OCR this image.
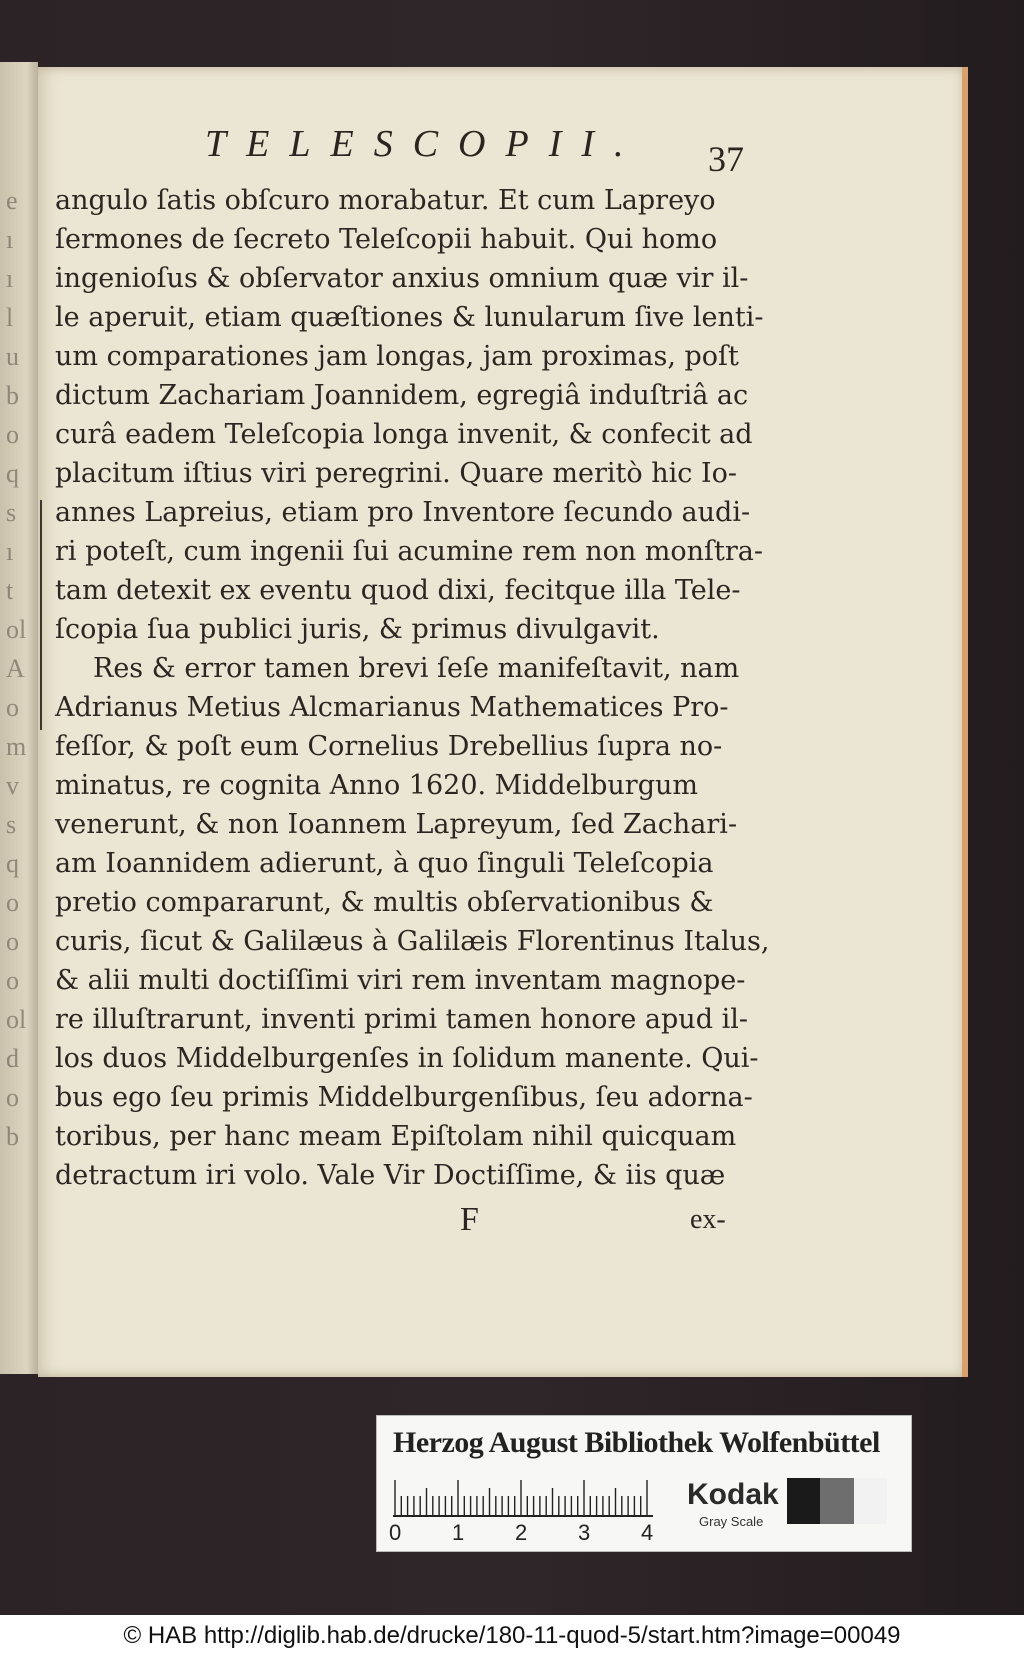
e
ı
ı
l
u
b
o
q
s
ı
t
ol
A
o
m
v
s
q
o
o
o
ol
d
o
b
TELESCOPII. 37
angulo ſatis obſcuro morabatur. Et cum Lapreyo
ſermones de ſecreto Teleſcopii habuit. Qui homo
ingenioſus & obſervator anxius omnium quæ vir il-
le aperuit, etiam quæſtiones & lunularum ſive lenti-
um comparationes jam longas, jam proximas, poſt
dictum Zachariam Joannidem, egregiâ induſtriâ ac
curâ eadem Teleſcopia longa invenit, & confecit ad
placitum iſtius viri peregrini. Quare meritò hic Io-
annes Lapreius, etiam pro Inventore ſecundo audi-
ri poteſt, cum ingenii ſui acumine rem non monſtra-
tam detexit ex eventu quod dixi, fecitque illa Tele-
ſcopia ſua publici juris, & primus divulgavit.
Res & error tamen brevi ſeſe manifeſtavit, nam
Adrianus Metius Alcmarianus Mathematices Pro-
feſſor, & poſt eum Cornelius Drebellius ſupra no-
minatus, re cognita Anno 1620. Middelburgum
venerunt, & non Ioannem Lapreyum, ſed Zachari-
am Ioannidem adierunt, à quo ſinguli Teleſcopia
pretio compararunt, & multis obſervationibus &
curis, ſicut & Galilæus à Galilæis Florentinus Italus,
& alii multi doctiſſimi viri rem inventam magnope-
re illuſtrarunt, inventi primi tamen honore apud il-
los duos Middelburgenſes in ſolidum manente. Qui-
bus ego ſeu primis Middelburgenſibus, ſeu adorna-
toribus, per hanc meam Epiſtolam nihil quicquam
detractum iri volo. Vale Vir Doctiſſime, & iis quæ
F	ex-
Herzog August Bibliothek Wolfenbüttel
0 1 2 3 4
Kodak
Gray Scale
© HAB http://diglib.hab.de/drucke/180-11-quod-5/start.htm?image=00049
